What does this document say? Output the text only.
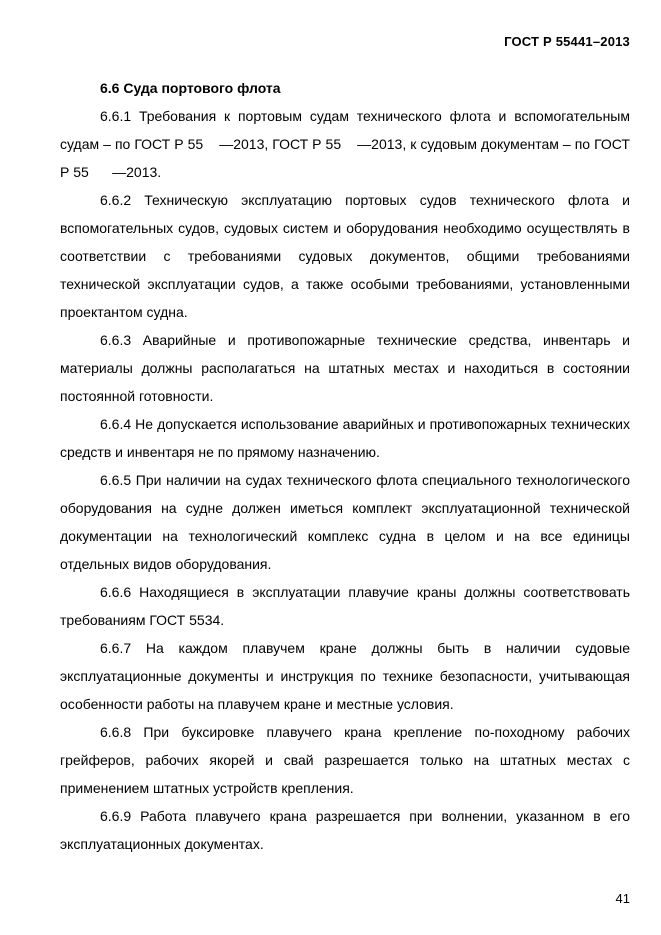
ГОСТ Р 55441–2013
6.6 Суда портового флота

6.6.1 Требования к портовым судам технического флота и вспомогательным судам – по ГОСТ Р 55    —2013, ГОСТ Р 55    —2013, к судовым документам – по ГОСТ Р 55      —2013.

6.6.2 Техническую эксплуатацию портовых судов технического флота и вспомогательных судов, судовых систем и оборудования необходимо осуществлять в соответствии с требованиями судовых документов, общими требованиями технической эксплуатации судов, а также особыми требованиями, установленными проектантом судна.

6.6.3 Аварийные и противопожарные технические средства, инвентарь и материалы должны располагаться на штатных местах и находиться в состоянии постоянной готовности.

6.6.4 Не допускается использование аварийных и противопожарных технических средств и инвентаря не по прямому назначению.

6.6.5 При наличии на судах технического флота специального технологического оборудования на судне должен иметься комплект эксплуатационной технической документации на технологический комплекс судна в целом и на все единицы отдельных видов оборудования.

6.6.6 Находящиеся в эксплуатации плавучие краны должны соответствовать требованиям ГОСТ 5534.

6.6.7 На каждом плавучем кране должны быть в наличии судовые эксплуатационные документы и инструкция по технике безопасности, учитывающая особенности работы на плавучем кране и местные условия.

6.6.8 При буксировке плавучего крана крепление по-походному рабочих грейферов, рабочих якорей и свай разрешается только на штатных местах с применением штатных устройств крепления.

6.6.9 Работа плавучего крана разрешается при волнении, указанном в его эксплуатационных документах.

41
